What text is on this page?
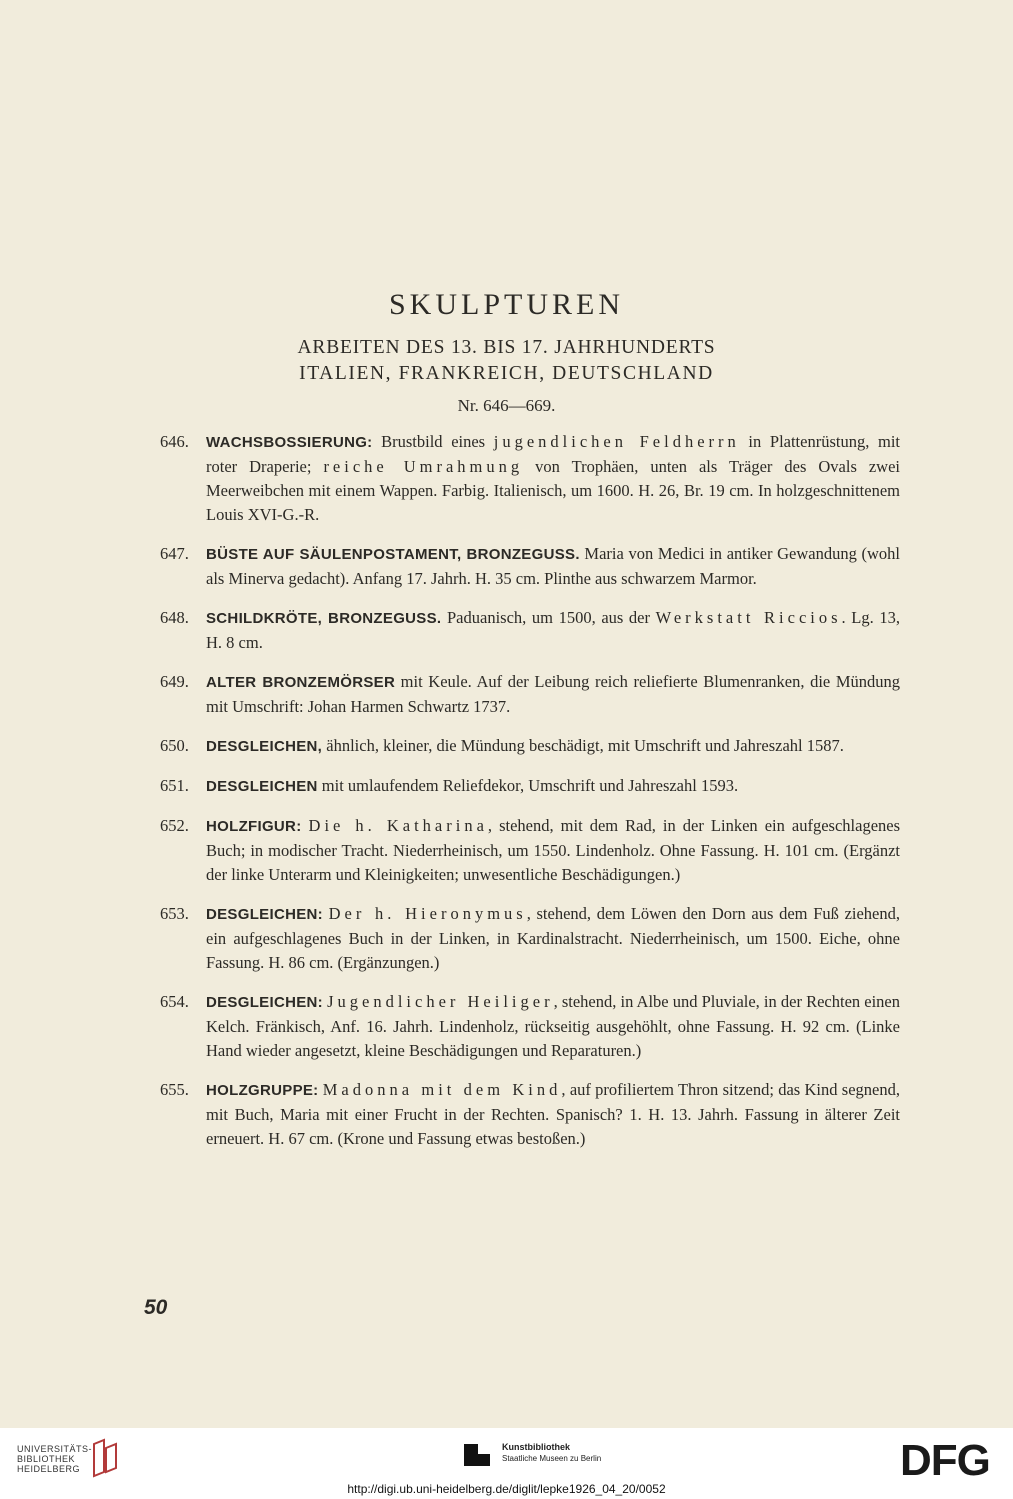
SKULPTUREN
ARBEITEN DES 13. BIS 17. JAHRHUNDERTS
ITALIEN, FRANKREICH, DEUTSCHLAND
Nr. 646—669.
646.	WACHSBOSSIERUNG: Brustbild eines jugendlichen Feldherrn in Plattenrüstung, mit roter Draperie; reiche Umrahmung von Trophäen, unten als Träger des Ovals zwei Meerweibchen mit einem Wappen. Farbig. Italienisch, um 1600. H. 26, Br. 19 cm. In holzgeschnittenem Louis XVI-G.-R.
647.	BÜSTE AUF SÄULENPOSTAMENT, BRONZEGUSS. Maria von Medici in antiker Gewandung (wohl als Minerva gedacht). Anfang 17. Jahrh. H. 35 cm. Plinthe aus schwarzem Marmor.
648.	SCHILDKRÖTE, BRONZEGUSS. Paduanisch, um 1500, aus der Werkstatt Riccios. Lg. 13, H. 8 cm.
649.	ALTER BRONZEMÖRSER mit Keule. Auf der Leibung reich reliefierte Blumenranken, die Mündung mit Umschrift: Johan Harmen Schwartz 1737.
650.	DESGLEICHEN, ähnlich, kleiner, die Mündung beschädigt, mit Umschrift und Jahreszahl 1587.
651.	DESGLEICHEN mit umlaufendem Reliefdekor, Umschrift und Jahreszahl 1593.
652.	HOLZFIGUR: Die h. Katharina, stehend, mit dem Rad, in der Linken ein aufgeschlagenes Buch; in modischer Tracht. Niederrheinisch, um 1550. Lindenholz. Ohne Fassung. H. 101 cm. (Ergänzt der linke Unterarm und Kleinigkeiten; unwesentliche Beschädigungen.)
653.	DESGLEICHEN: Der h. Hieronymus, stehend, dem Löwen den Dorn aus dem Fuß ziehend, ein aufgeschlagenes Buch in der Linken, in Kardinalstracht. Niederrheinisch, um 1500. Eiche, ohne Fassung. H. 86 cm. (Ergänzungen.)
654.	DESGLEICHEN: Jugendlicher Heiliger, stehend, in Albe und Pluviale, in der Rechten einen Kelch. Fränkisch, Anf. 16. Jahrh. Lindenholz, rückseitig ausgehöhlt, ohne Fassung. H. 92 cm. (Linke Hand wieder angesetzt, kleine Beschädigungen und Reparaturen.)
655.	HOLZGRUPPE: Madonna mit dem Kind, auf profiliertem Thron sitzend; das Kind segnend, mit Buch, Maria mit einer Frucht in der Rechten. Spanisch? 1. H. 13. Jahrh. Fassung in älterer Zeit erneuert. H. 67 cm. (Krone und Fassung etwas bestoßen.)
50
UNIVERSITÄTS-
BIBLIOTHEK
HEIDELBERG
Kunstbibliothek
Staatliche Museen zu Berlin	DFG
http://digi.ub.uni-heidelberg.de/diglit/lepke1926_04_20/0052
